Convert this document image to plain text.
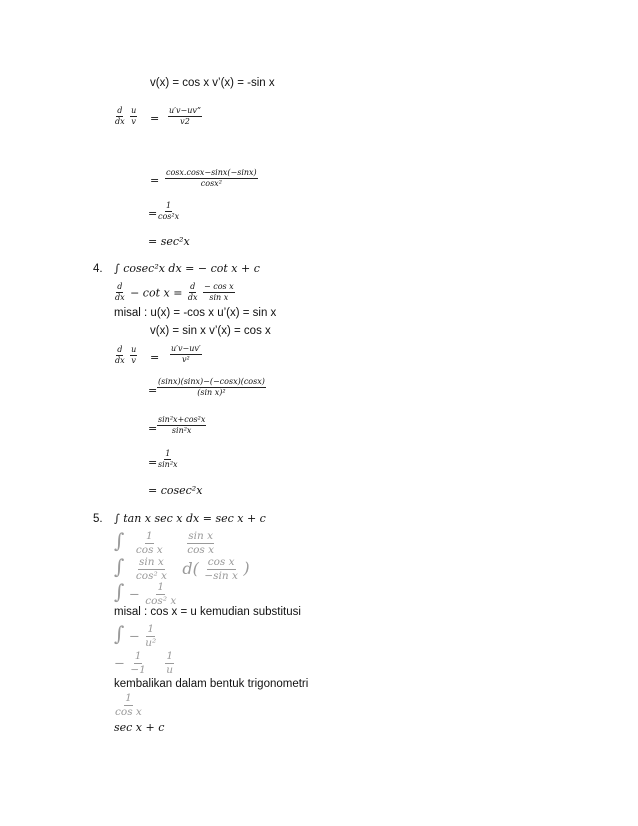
v(x) = cos x v’(x) = -sin x
$\frac{d}{dx}$
$\frac{u}{v} = \frac{u'v-uv”}{v2}$
= $\frac{\cos x.\cos x-\sin x(-\sin x)}{\text{cosx²}}$
= $\frac{1}{\text{cos²x}}$
= sec²x
4. ∫ cosec²x dx = − cot x + c
$\frac{d}{dx} - \cot x = \frac{d}{dx}$
$\frac{\text{− cos x}}{\text{sin x}}$
misal : u(x) = -cos x u’(x) = sin x
v(x) = sin x v’(x) = cos x
$\frac{d}{dx}$
$\frac{u}{v} = \frac{u'v-uv'}{\text{v²}}$
= $\frac{(\sin x)(\sin x)-(-\cos x)(\cos x)}{\text{(sin x)²}}$
= $\frac{\text{sin²x+cos²x}}{\text{sin²x}}$
= $\frac{1}{\text{sin²x}}$
= cosec²x
5. ∫ tan x sec x dx = sec x + c
∫ $\frac{1}{\text{cos x}}$
$\frac{\text{sin x}}{\text{cos x}}$
∫ $\frac{\text{sin x}}{\text{cos² x}} d( \frac{\text{cos x}}{\text{−sin x}}$ )
∫ − $\frac{1}{\text{cos² x}}$
misal : cos x = u kemudian substitusi
∫ − $\frac{1}{\text{u²}}$
− $\frac{1}{-1}$
$\frac{1}{u}$
kembalikan dalam bentuk trigonometri
$\frac{1}{\text{cos x}}$
sec x + c
